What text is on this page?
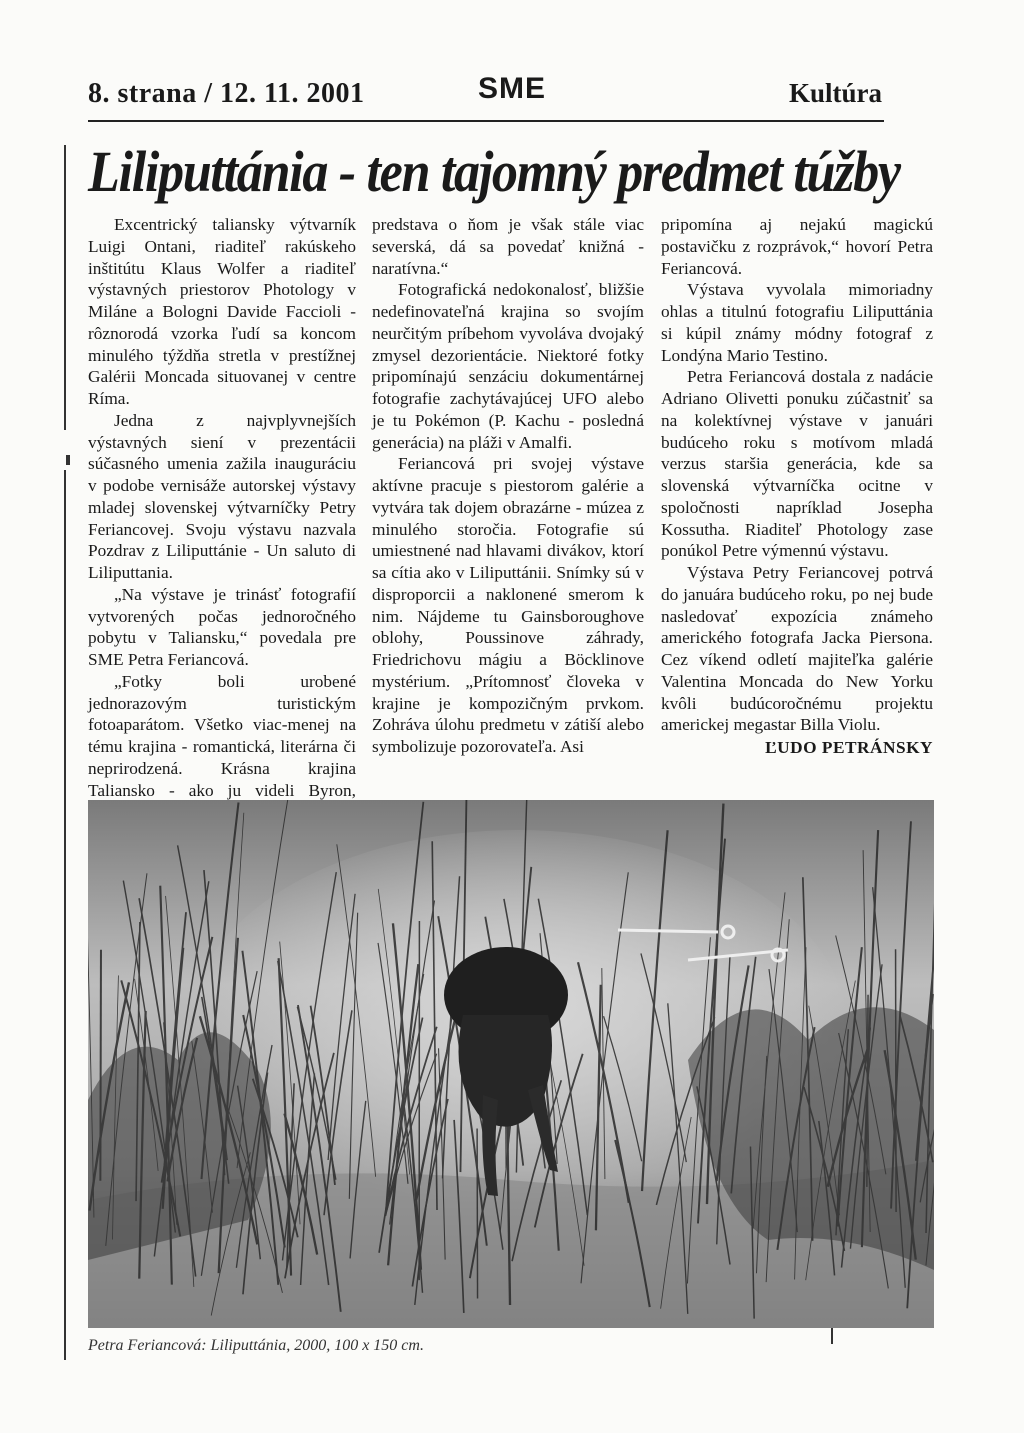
8. strana / 12. 11. 2001	SME	Kultúra
Liliputtánia - ten tajomný predmet túžby

Excentrický taliansky výtvarník Luigi Ontani, riaditeľ rakúskeho inštitútu Klaus Wolfer a riaditeľ výstavných priestorov Photology v Miláne a Bologni Davide Faccioli - rôznorodá vzorka ľudí sa koncom minulého týždňa stretla v prestížnej Galérii Moncada situovanej v centre Ríma.

Jedna z najvplyvnejších výstavných siení v prezentácii súčasného umenia zažila inauguráciu v podobe vernisáže autorskej výstavy mladej slovenskej výtvarníčky Petry Feriancovej. Svoju výstavu nazvala Pozdrav z Liliputtánie - Un saluto di Liliputtania.

„Na výstave je trinásť fotografií vytvorených počas jednoročného pobytu v Taliansku,“ povedala pre SME Petra Feriancová.

„Fotky boli urobené jednorazovým turistickým fotoaparátom. Všetko viac-menej na tému krajina - romantická, literárna či neprirodzená. Krásna krajina Taliansko - ako ju videli Byron,

predstava o ňom je však stále viac severská, dá sa povedať knižná - naratívna.“

Fotografická nedokonalosť, bližšie nedefinovateľná krajina so svojím neurčitým príbehom vyvoláva dvojaký zmysel dezorientácie. Niektoré fotky pripomínajú senzáciu dokumentárnej fotografie zachytávajúcej UFO alebo je tu Pokémon (P. Kachu - posledná generácia) na pláži v Amalfi.

Feriancová pri svojej výstave aktívne pracuje s piestorom galérie a vytvára tak dojem obrazárne - múzea z minulého storočia. Fotografie sú umiestnené nad hlavami divákov, ktorí sa cítia ako v Liliputtánii. Snímky sú v disproporcii a naklonené smerom k nim. Nájdeme tu Gainsboroughove oblohy, Poussinove záhrady, Friedrichovu mágiu a Böcklinove mystérium. „Prítomnosť človeka v krajine je kompozičným prvkom. Zohráva úlohu predmetu v zátiší alebo symbolizuje pozorovateľa. Asi

pripomína aj nejakú magickú postavičku z rozprávok,“ hovorí Petra Feriancová.

Výstava vyvolala mimoriadny ohlas a titulnú fotografiu Liliputtánia si kúpil známy módny fotograf z Londýna Mario Testino.

Petra Feriancová dostala z nadácie Adriano Olivetti ponuku zúčastniť sa na kolektívnej výstave v januári budúceho roku s motívom mladá verzus staršia generácia, kde sa slovenská výtvarníčka ocitne v spoločnosti napríklad Josepha Kossutha. Riaditeľ Photology zase ponúkol Petre výmennú výstavu.

Výstava Petry Feriancovej potrvá do januára budúceho roku, po nej bude nasledovať expozícia známeho amerického fotografa Jacka Piersona. Cez víkend odletí majiteľka galérie Valentina Moncada do New Yorku kvôli budúcoročnému projektu americkej megastar Billa Violu.

ĽUDO PETRÁNSKY
Petra Feriancová: Liliputtánia, 2000, 100 x 150 cm.
